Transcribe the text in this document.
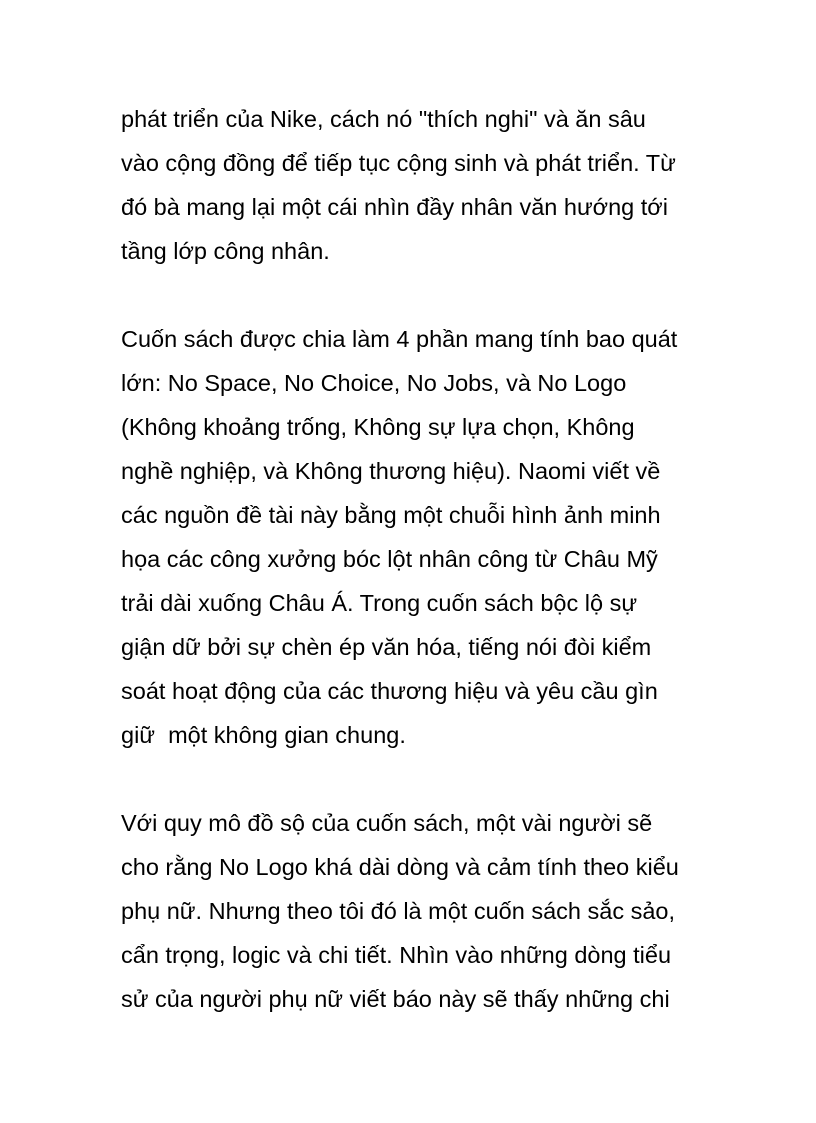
phát triển của Nike, cách nó "thích nghi" và ăn sâu
vào cộng đồng để tiếp tục cộng sinh và phát triển. Từ
đó bà mang lại một cái nhìn đầy nhân văn hướng tới
tầng lớp công nhân.
Cuốn sách được chia làm 4 phần mang tính bao quát
lớn: No Space, No Choice, No Jobs, và No Logo
(Không khoảng trống, Không sự lựa chọn, Không
nghề nghiệp, và Không thương hiệu). Naomi viết về
các nguồn đề tài này bằng một chuỗi hình ảnh minh
họa các công xưởng bóc lột nhân công từ Châu Mỹ
trải dài xuống Châu Á. Trong cuốn sách bộc lộ sự
giận dữ bởi sự chèn ép văn hóa, tiếng nói đòi kiểm
soát hoạt động của các thương hiệu và yêu cầu gìn
giữ  một không gian chung.
Với quy mô đồ sộ của cuốn sách, một vài người sẽ
cho rằng No Logo khá dài dòng và cảm tính theo kiểu
phụ nữ. Nhưng theo tôi đó là một cuốn sách sắc sảo,
cẩn trọng, logic và chi tiết. Nhìn vào những dòng tiểu
sử của người phụ nữ viết báo này sẽ thấy những chi
